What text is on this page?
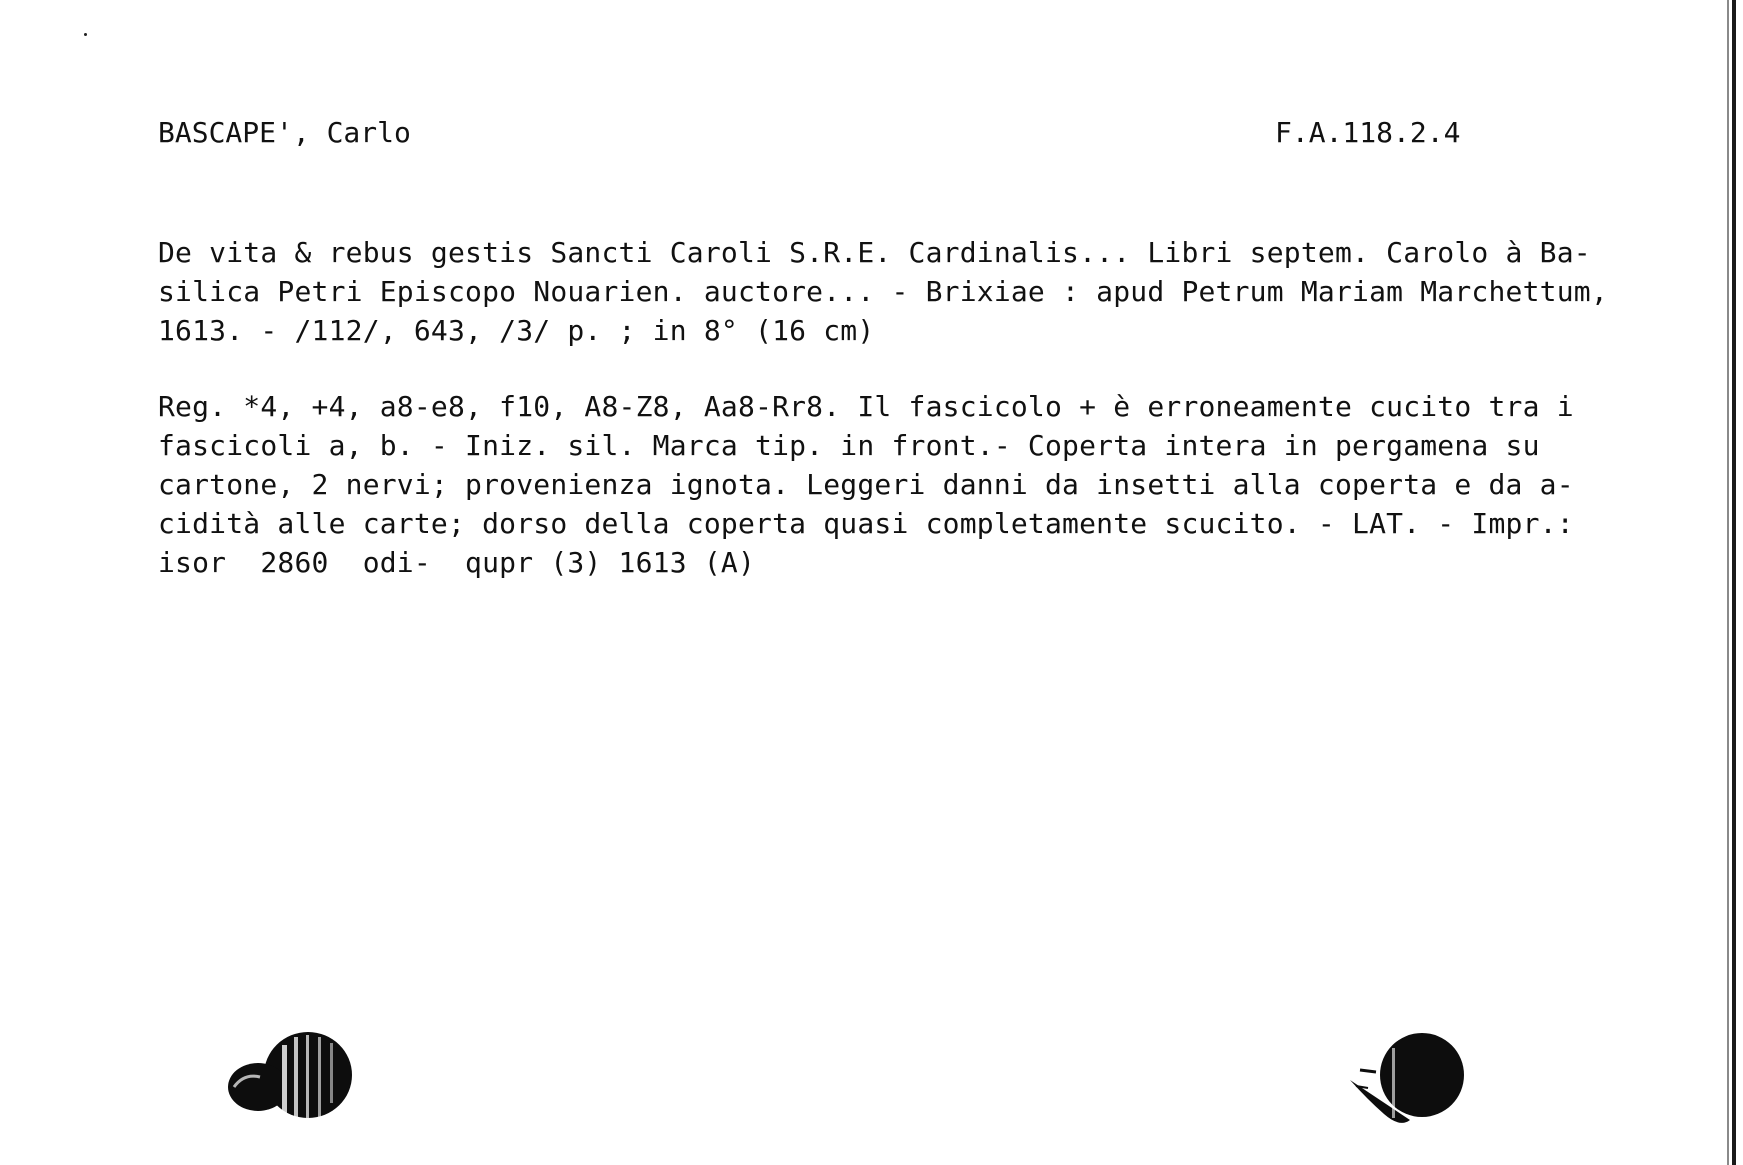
BASCAPE', Carlo	F.A.118.2.4
De vita & rebus gestis Sancti Caroli S.R.E. Cardinalis... Libri septem. Carolo à Ba-
silica Petri Episcopo Nouarien. auctore... - Brixiae : apud Petrum Mariam Marchettum,
1613. - /112/, 643, /3/ p. ; in 8° (16 cm)
Reg. *4, +4, a8-e8, f10, A8-Z8, Aa8-Rr8. Il fascicolo + è erroneamente cucito tra i
fascicoli a, b. - Iniz. sil. Marca tip. in front.- Coperta intera in pergamena su
cartone, 2 nervi; provenienza ignota. Leggeri danni da insetti alla coperta e da a-
cidità alle carte; dorso della coperta quasi completamente scucito. - LAT. - Impr.:
isor  2860  odi-  qupr (3) 1613 (A)
